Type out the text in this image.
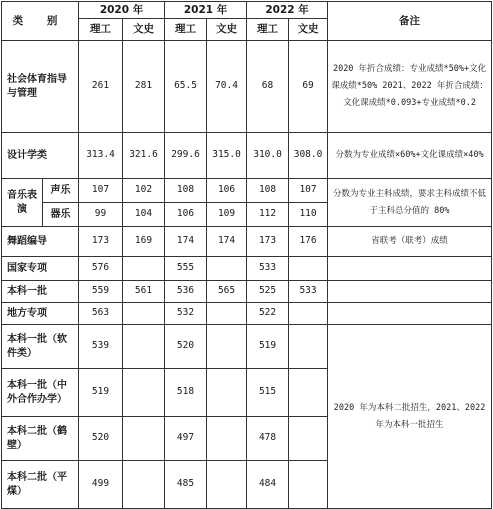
类 别		2020 年		2021 年		2022 年		备注
		理工	文史	理工	文史	理工	文史	
社会体育指导与管理		261	281	65.5	70.4	68	69	2020 年折合成绩：专业成绩*50%+文化课成绩*50% 2021、2022 年折合成绩：文化课成绩*0.093+专业成绩*0.2
设计学类		313.4	321.6	299.6	315.0	310.0	308.0	分数为专业成绩×60%+文化课成绩×40%
音乐表演	声乐	107	102	108	106	108	107	分数为专业主科成绩，要求主科成绩不低于主科总分值的 80%
	器乐	99	104	106	109	112	110	
舞蹈编导		173	169	174	174	173	176	省联考（联考）成绩
国家专项		576		555		533		
本科一批		559	561	536	565	525	533	
地方专项		563		532		522		
本科一批（软件类）		539		520		519		2020 年为本科二批招生，2021、2022 年为本科一批招生
本科一批（中外合作办学）		519		518		515		
本科二批（鹤壁）		520		497		478		
本科二批（平煤）		499		485		484		
